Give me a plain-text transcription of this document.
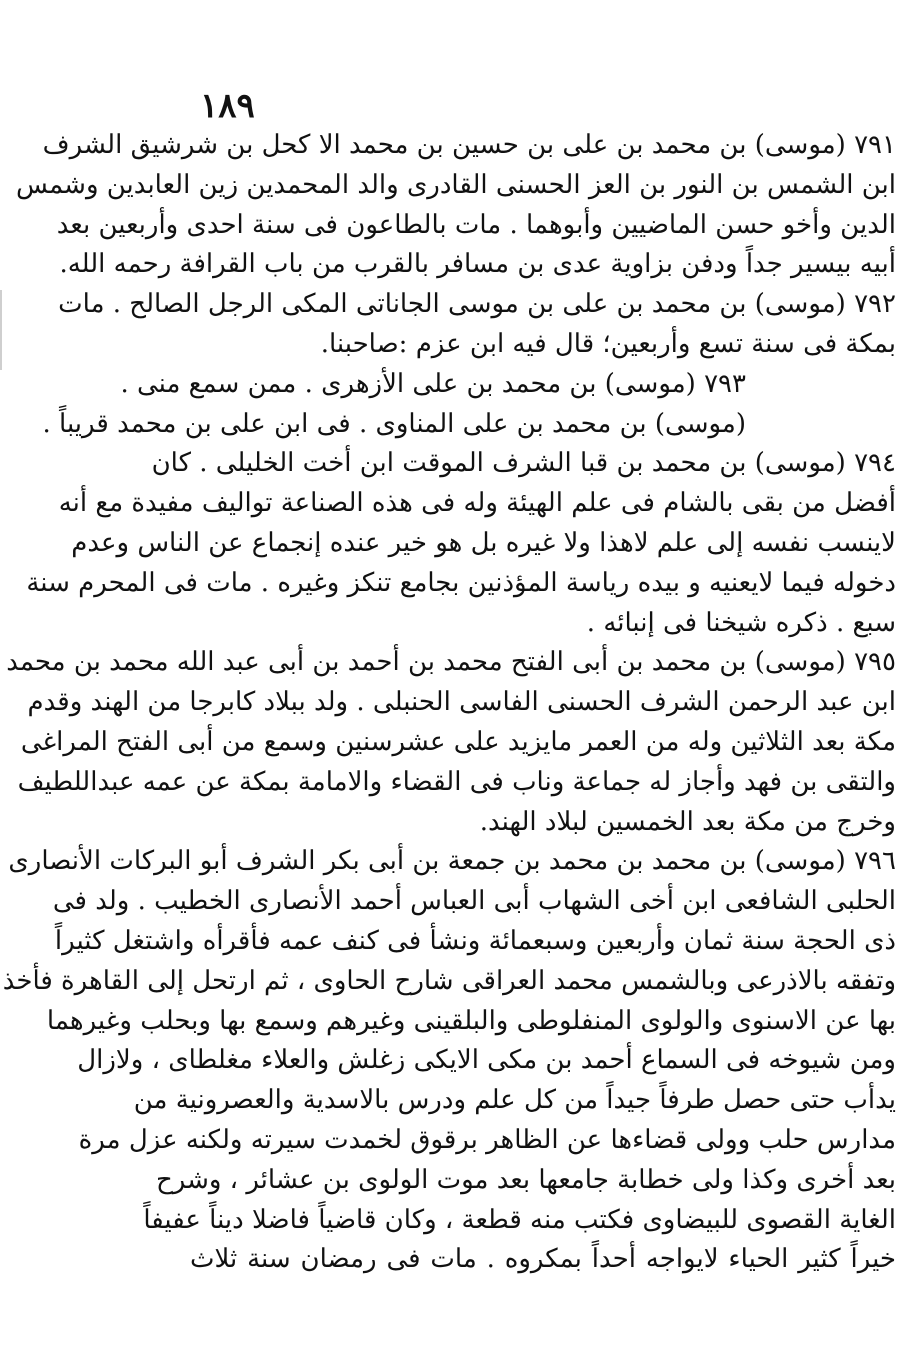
١٨٩
٧٩١ (موسى) بن محمد بن على بن حسين بن محمد الا كحل بن شرشيق الشرف
ابن الشمس بن النور بن العز الحسنى القادرى والد المحمدين زين العابدين وشمس
الدين وأخو حسن الماضيين وأبوهما . مات بالطاعون فى سنة احدى وأربعين بعد
أبيه بيسير جداً ودفن بزاوية عدى بن مسافر بالقرب من باب القرافة رحمه الله.
٧٩٢ (موسى) بن محمد بن على بن موسى الجاناتى المكى الرجل الصالح . مات
بمكة فى سنة تسع وأربعين؛ قال فيه ابن عزم :صاحبنا.
٧٩٣ (موسى) بن محمد بن على الأزهرى . ممن سمع منى .
(موسى) بن محمد بن على المناوى . فى ابن على بن محمد قريباً .
٧٩٤ (موسى) بن محمد بن قبا الشرف الموقت ابن أخت الخليلى . كان
أفضل من بقى بالشام فى علم الهيئة وله فى هذه الصناعة تواليف مفيدة مع أنه
لاينسب نفسه إلى علم لاهذا ولا غيره بل هو خير عنده إنجماع عن الناس وعدم
دخوله فيما لايعنيه و بيده رياسة المؤذنين بجامع تنكز وغيره . مات فى المحرم سنة
سبع . ذكره شيخنا فى إنبائه .
٧٩٥ (موسى) بن محمد بن أبى الفتح محمد بن أحمد بن أبى عبد الله محمد بن محمد
ابن عبد الرحمن الشرف الحسنى الفاسى الحنبلى . ولد ببلاد كابرجا من الهند وقدم
مكة بعد الثلاثين وله من العمر مايزيد على عشرسنين وسمع من أبى الفتح المراغى
والتقى بن فهد وأجاز له جماعة وناب فى القضاء والامامة بمكة عن عمه عبداللطيف
وخرج من مكة بعد الخمسين لبلاد الهند.
٧٩٦ (موسى) بن محمد بن محمد بن جمعة بن أبى بكر الشرف أبو البركات الأنصارى
الحلبى الشافعى ابن أخى الشهاب أبى العباس أحمد الأنصارى الخطيب . ولد فى
ذى الحجة سنة ثمان وأربعين وسبعمائة ونشأ فى كنف عمه فأقرأه واشتغل كثيراً
وتفقه بالاذرعى وبالشمس محمد العراقى شارح الحاوى ، ثم ارتحل إلى القاهرة فأخذ
بها عن الاسنوى والولوى المنفلوطى والبلقينى وغيرهم وسمع بها وبحلب وغيرهما
ومن شيوخه فى السماع أحمد بن مكى الايكى زغلش والعلاء مغلطاى ، ولازال
يدأب حتى حصل طرفاً جيداً من كل علم ودرس بالاسدية والعصرونية من
مدارس حلب وولى قضاءها عن الظاهر برقوق لخمدت سيرته ولكنه عزل مرة
بعد أخرى وكذا ولى خطابة جامعها بعد موت الولوى بن عشائر ، وشرح
الغاية القصوى للبيضاوى فكتب منه قطعة ، وكان قاضياً فاضلا ديناً عفيفاً
خيراً كثير الحياء لايواجه أحداً بمكروه . مات فى رمضان سنة ثلاث
